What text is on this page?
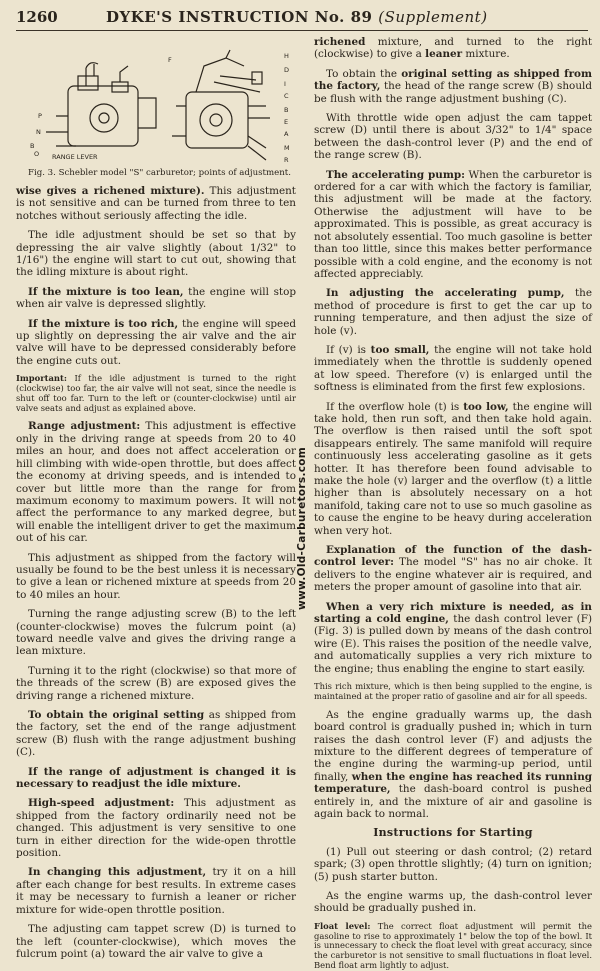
1260	DYKE'S INSTRUCTION No. 89 (Supplement)
RANGE LEVER
P
N
B
O
F	H
D
I
C
B
E
A
M
R

Fig. 3. Schebler model "S" carburetor; points of adjustment.

wise gives a richened mixture). This adjustment is not sensitive and can be turned from three to ten notches without seriously affecting the idle.

The idle adjustment should be set so that by depressing the air valve slightly (about 1/32" to 1/16") the engine will start to cut out, showing that the idling mixture is about right.

If the mixture is too lean, the engine will stop when air valve is depressed slightly.

If the mixture is too rich, the engine will speed up slightly on depressing the air valve and the air valve will have to be depressed considerably before the engine cuts out.

Important: If the idle adjustment is turned to the right (clockwise) too far, the air valve will not seat, since the needle is shut off too far. Turn to the left or (counter-clockwise) until air valve seats and adjust as explained above.

Range adjustment: This adjustment is effective only in the driving range at speeds from 20 to 40 miles an hour, and does not affect acceleration or hill climbing with wide-open throttle, but does affect the economy at driving speeds, and is intended to cover but little more than the range for from maximum economy to maximum powers. It will not affect the performance to any marked degree, but will enable the intelligent driver to get the maximum out of his car.

This adjustment as shipped from the factory will usually be found to be the best unless it is necessary to give a lean or richened mixture at speeds from 20 to 40 miles an hour.

Turning the range adjusting screw (B) to the left (counter-clockwise) moves the fulcrum point (a) toward needle valve and gives the driving range a lean mixture.

Turning it to the right (clockwise) so that more of the threads of the screw (B) are exposed gives the driving range a richened mixture.

To obtain the original setting as shipped from the factory, set the end of the range adjustment screw (B) flush with the range adjustment bushing (C).

If the range of adjustment is changed it is necessary to readjust the idle mixture.

High-speed adjustment: This adjustment as shipped from the factory ordinarily need not be changed. This adjustment is very sensitive to one turn in either direction for the wide-open throttle position.

In changing this adjustment, try it on a hill after each change for best results. In extreme cases it may be necessary to furnish a leaner or richer mixture for wide-open throttle position.

The adjusting cam tappet screw (D) is turned to the left (counter-clockwise), which moves the fulcrum point (a) toward the air valve to give a

www.Old-Carburetors.com

richened mixture, and turned to the right (clockwise) to give a leaner mixture.

To obtain the original setting as shipped from the factory, the head of the range screw (B) should be flush with the range adjustment bushing (C).

With throttle wide open adjust the cam tappet screw (D) until there is about 3/32" to 1/4" space between the dash-control lever (P) and the end of the range screw (B).

The accelerating pump: When the carburetor is ordered for a car with which the factory is familiar, this adjustment will be made at the factory. Otherwise the adjustment will have to be approximated. This is possible, as great accuracy is not absolutely essential. Too much gasoline is better than too little, since this makes better performance possible with a cold engine, and the economy is not affected appreciably.

In adjusting the accelerating pump, the method of procedure is first to get the car up to running temperature, and then adjust the size of hole (v).

If (v) is too small, the engine will not take hold immediately when the throttle is suddenly opened at low speed. Therefore (v) is enlarged until the softness is eliminated from the first few explosions.

If the overflow hole (t) is too low, the engine will take hold, then run soft, and then take hold again. The overflow is then raised until the soft spot disappears entirely. The same manifold will require continuously less accelerating gasoline as it gets hotter. It has therefore been found advisable to make the hole (v) larger and the overflow (t) a little higher than is absolutely necessary on a hot manifold, taking care not to use so much gasoline as to cause the engine to be heavy during acceleration when very hot.

Explanation of the function of the dash-control lever: The model "S" has no air choke. It delivers to the engine whatever air is required, and meters the proper amount of gasoline into that air.

When a very rich mixture is needed, as in starting a cold engine, the dash control lever (F) (Fig. 3) is pulled down by means of the dash control wire (E). This raises the position of the needle valve, and automatically supplies a very rich mixture to the engine; thus enabling the engine to start easily.

This rich mixture, which is then being supplied to the engine, is maintained at the proper ratio of gasoline and air for all speeds.

As the engine gradually warms up, the dash board control is gradually pushed in; which in turn raises the dash control lever (F) and adjusts the mixture to the different degrees of temperature of the engine during the warming-up period, until finally, when the engine has reached its running temperature, the dash-board control is pushed entirely in, and the mixture of air and gasoline is again back to normal.

Instructions for Starting

(1) Pull out steering or dash control; (2) retard spark; (3) open throttle slightly; (4) turn on ignition; (5) push starter button.

As the engine warms up, the dash-control lever should be gradually pushed in.

Float level: The correct float adjustment will permit the gasoline to rise to approximately 1" below the top of the bowl. It is unnecessary to check the float level with great accuracy, since the carburetor is not sensitive to small fluctuations in float level. Bend float arm lightly to adjust.
